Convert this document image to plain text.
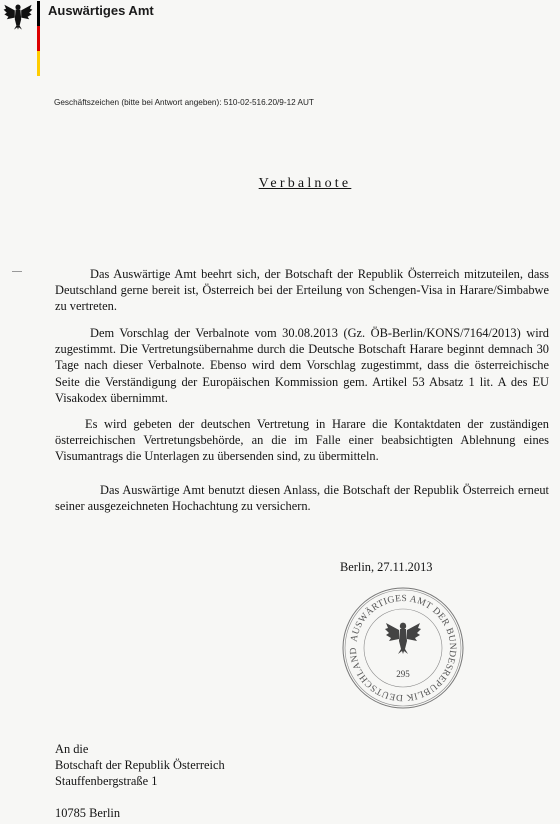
Auswärtiges Amt
Geschäftszeichen (bitte bei Antwort angeben): 510-02-516.20/9-12 AUT
Verbalnote
Das Auswärtige Amt beehrt sich, der Botschaft der Republik Österreich mitzuteilen, dass Deutschland gerne bereit ist, Österreich bei der Erteilung von Schengen-Visa in Harare/Simbabwe zu vertreten.
Dem Vorschlag der Verbalnote vom 30.08.2013 (Gz. ÖB-Berlin/KONS/7164/2013) wird zugestimmt. Die Vertretungsübernahme durch die Deutsche Botschaft Harare beginnt demnach 30 Tage nach dieser Verbalnote. Ebenso wird dem Vorschlag zugestimmt, dass die österreichische Seite die Verständigung der Europäischen Kommission gem. Artikel 53 Absatz 1 lit. A des EU Visakodex übernimmt.
Es wird gebeten der deutschen Vertretung in Harare die Kontaktdaten der zuständigen österreichischen Vertretungsbehörde, an die im Falle einer beabsichtigten Ablehnung eines Visumantrags die Unterlagen zu übersenden sind, zu übermitteln.
Das Auswärtige Amt benutzt diesen Anlass, die Botschaft der Republik Österreich erneut seiner ausgezeichneten Hochachtung zu versichern.
Berlin, 27.11.2013
AUSWÄRTIGES AMT DER BUNDESREPUBLIK DEUTSCHLAND
295
An die
Botschaft der Republik Österreich
Stauffenbergstraße 1
10785 Berlin
